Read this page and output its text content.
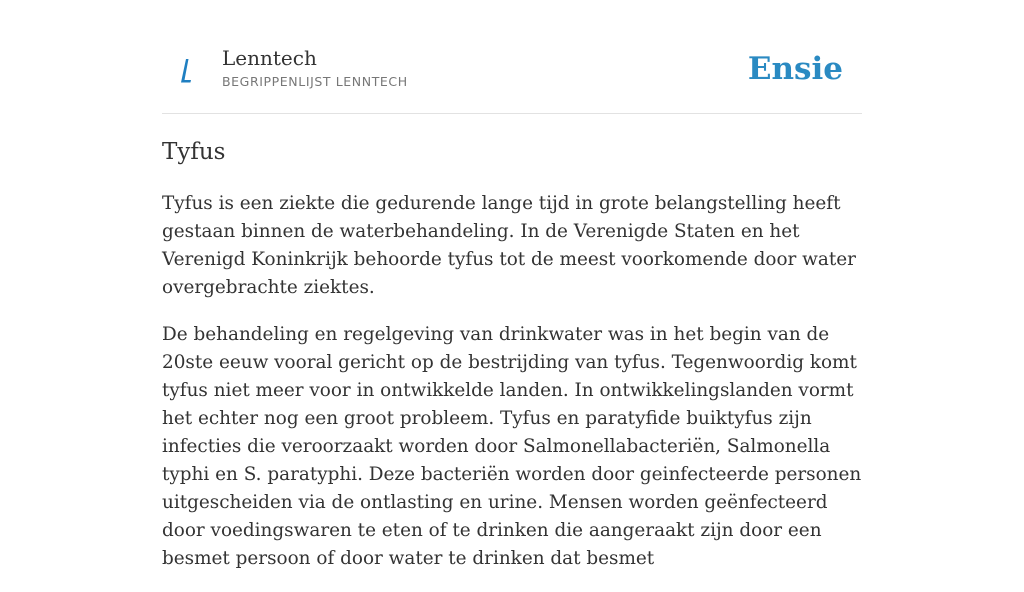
Lenntech
BEGRIPPENLIJST LENNTECH	Ensie
Tyfus

Tyfus is een ziekte die gedurende lange tijd in grote belangstelling heeft gestaan binnen de waterbehandeling. In de Verenigde Staten en het Verenigd Koninkrijk behoorde tyfus tot de meest voorkomende door water overgebrachte ziektes.

De behandeling en regelgeving van drinkwater was in het begin van de 20ste eeuw vooral gericht op de bestrijding van tyfus. Tegenwoordig komt tyfus niet meer voor in ontwikkelde landen. In ontwikkelingslanden vormt het echter nog een groot probleem. Tyfus en paratyfide buiktyfus zijn infecties die veroorzaakt worden door Salmonellabacteriën, Salmonella typhi en S. paratyphi. Deze bacteriën worden door geinfecteerde personen uitgescheiden via de ontlasting en urine. Mensen worden geënfecteerd door voedingswaren te eten of te drinken die aangeraakt zijn door een besmet persoon of door water te drinken dat besmet
